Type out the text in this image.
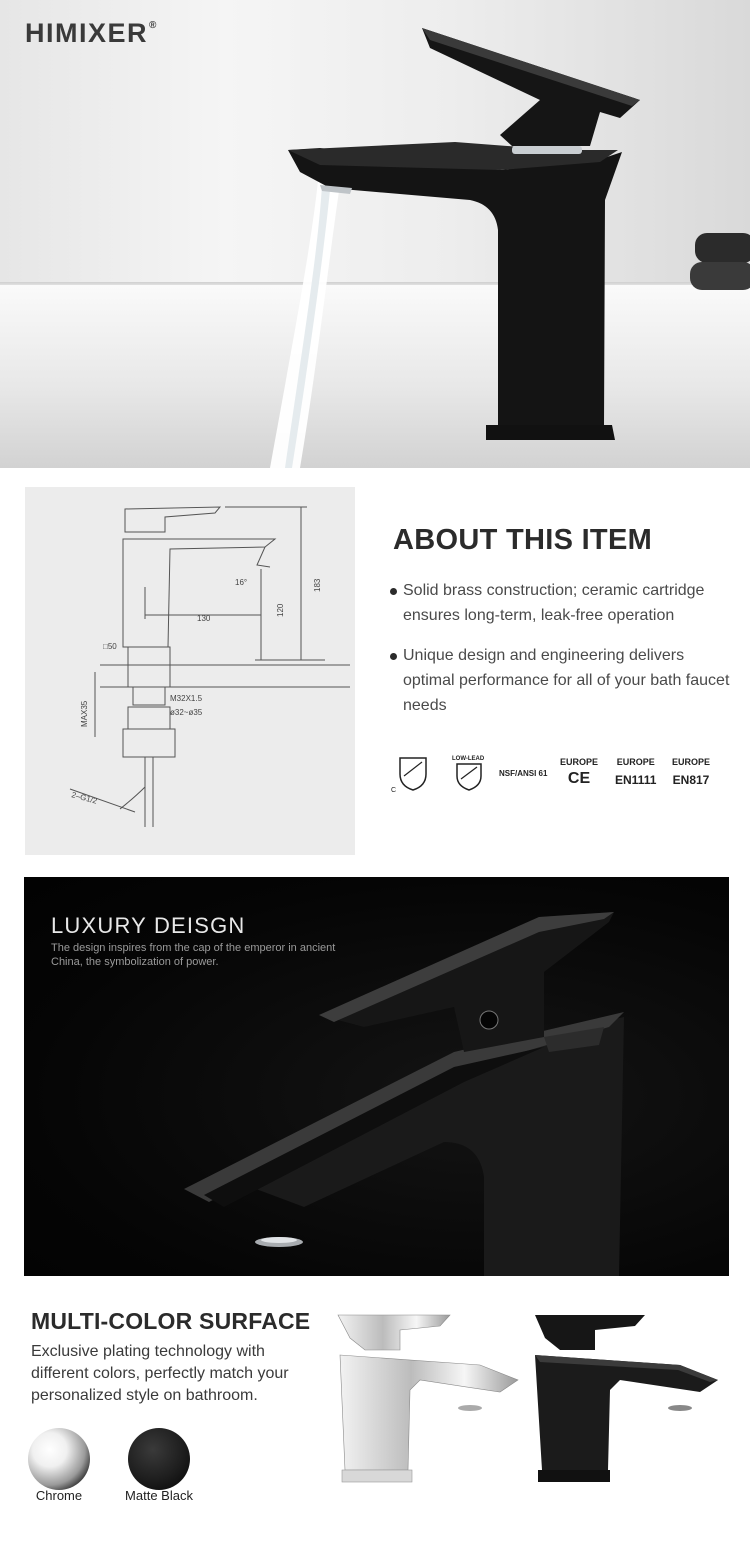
HIMIXER®
16°
130
120
183
□50
M32X1.5
ø32~ø35
MAX35
2–G1/2
ABOUT THIS ITEM
Solid brass construction; ceramic cartridge ensures long-term, leak-free operation
Unique design and engineering delivers optimal performance for all of your bath faucet needs
C
LOW-LEAD
NSF/ANSI 61
EUROPE
CE
EUROPE
EN1111
EUROPE
EN817
LUXURY DEISGN
The design inspires from the cap of the emperor in ancient China, the symbolization of power.
MULTI-COLOR SURFACE
Exclusive plating technology with different colors, perfectly match your personalized style on bathroom.
Chrome	Matte Black
